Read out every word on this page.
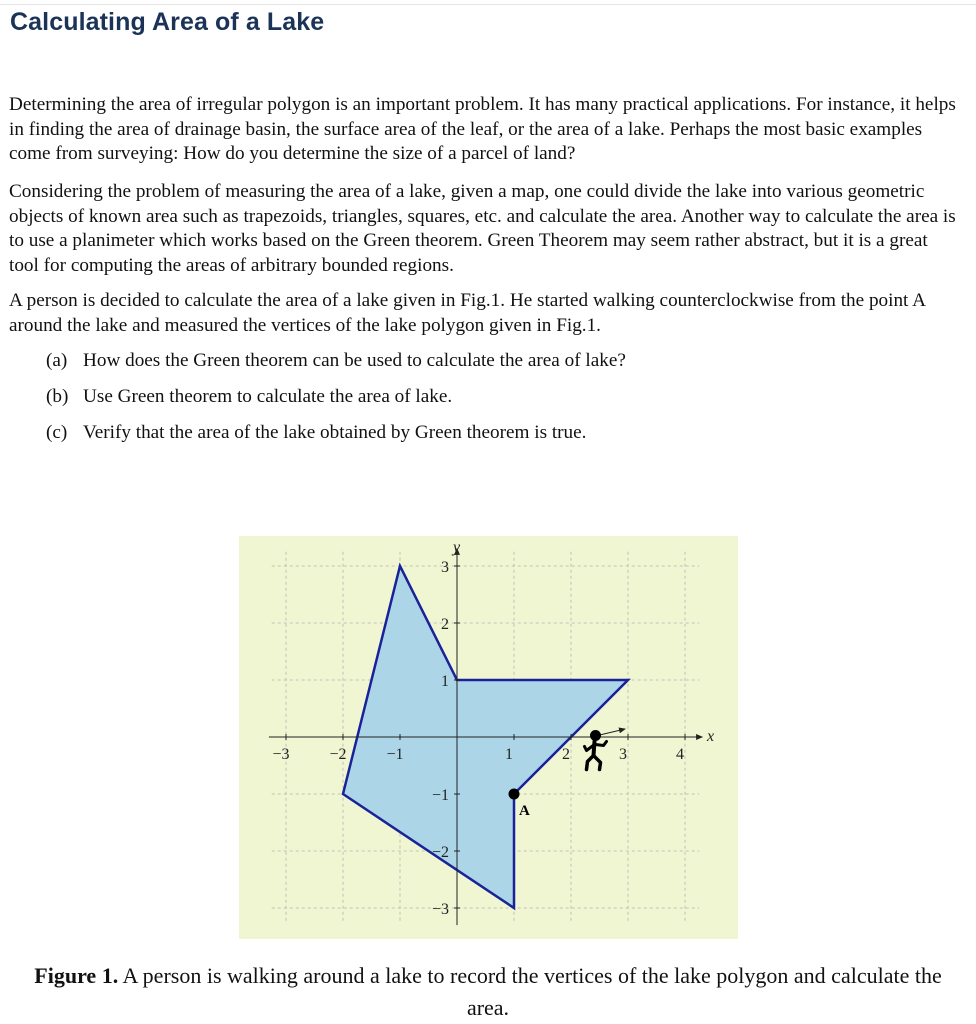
Calculating Area of a Lake

Determining the area of irregular polygon is an important problem. It has many practical applications. For instance, it helps in finding the area of drainage basin, the surface area of the leaf, or the area of a lake. Perhaps the most basic examples come from surveying: How do you determine the size of a parcel of land?

Considering the problem of measuring the area of a lake, given a map, one could divide the lake into various geometric objects of known area such as trapezoids, triangles, squares, etc. and calculate the area. Another way to calculate the area is to use a planimeter which works based on the Green theorem. Green Theorem may seem rather abstract, but it is a great tool for computing the areas of arbitrary bounded regions.

A person is decided to calculate the area of a lake given in Fig.1. He started walking counterclockwise from the point A around the lake and measured the vertices of the lake polygon given in Fig.1.

(a) How does the Green theorem can be used to calculate the area of lake?
(b) Use Green theorem to calculate the area of lake.
(c) Verify that the area of the lake obtained by Green theorem is true.
−3 −2 −1	1	2	3	4
3
2
1
−1
−2
−3
x
y
A
Figure 1. A person is walking around a lake to record the vertices of the lake polygon and calculate the area.
